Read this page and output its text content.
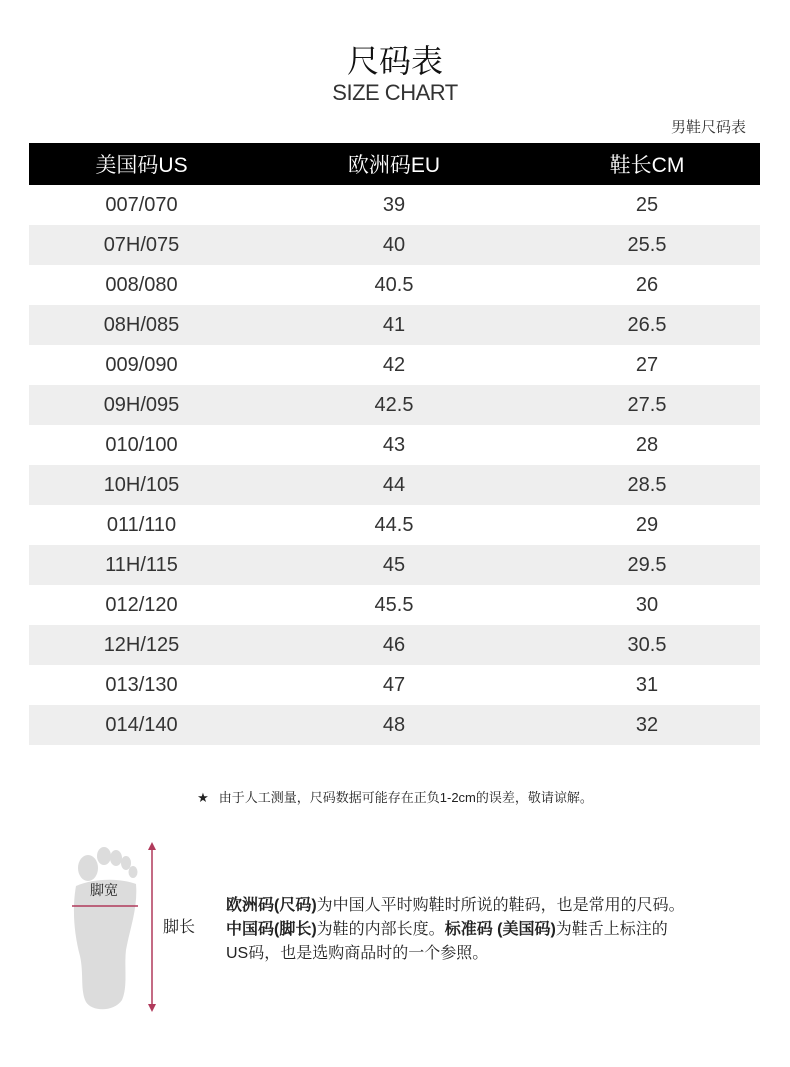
尺码表
SIZE CHART
男鞋尺码表
美国码US	欧洲码EU	鞋长CM
007/070	39	25
07H/075	40	25.5
008/080	40.5	26
08H/085	41	26.5
009/090	42	27
09H/095	42.5	27.5
010/100	43	28
10H/105	44	28.5
011/110	44.5	29
11H/115	45	29.5
012/120	45.5	30
12H/125	46	30.5
013/130	47	31
014/140	48	32
★ 由于人工测量，尺码数据可能存在正负1-2cm的误差，敬请谅解。
脚宽
脚长
欧洲码(尺码)为中国人平时购鞋时所说的鞋码，也是常用的尺码。
中国码(脚长)为鞋的内部长度。标准码 (美国码)为鞋舌上标注的
US码，也是选购商品时的一个参照。
